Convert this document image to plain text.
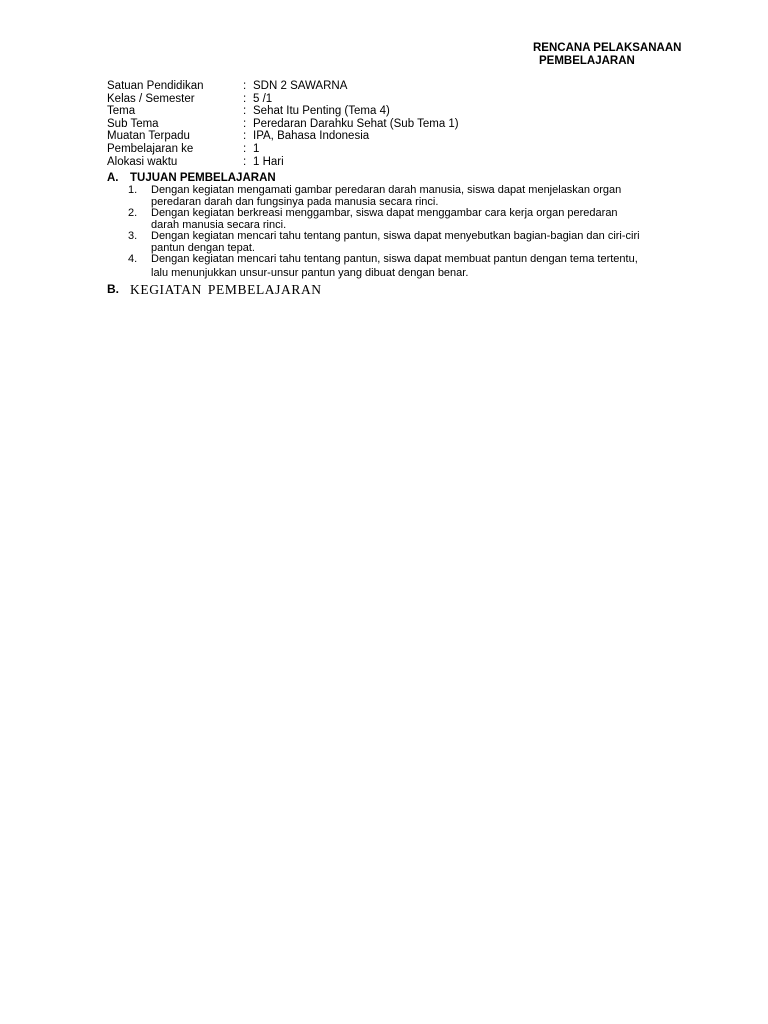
RENCANA PELAKSANAAN
PEMBELAJARAN
Satuan Pendidikan	: SDN 2 SAWARNA
Kelas / Semester	: 5 /1
Tema	: Sehat Itu Penting (Tema 4)
Sub Tema	: Peredaran Darahku Sehat (Sub Tema 1)
Muatan Terpadu	: IPA, Bahasa Indonesia
Pembelajaran ke	: 1
Alokasi waktu	: 1 Hari
A.	TUJUAN PEMBELAJARAN
1.	Dengan kegiatan mengamati gambar peredaran darah manusia, siswa dapat menjelaskan organ
peredaran darah dan fungsinya pada manusia secara rinci.
2.	Dengan kegiatan berkreasi menggambar, siswa dapat menggambar cara kerja organ peredaran
darah manusia secara rinci.
3.	Dengan kegiatan mencari tahu tentang pantun, siswa dapat menyebutkan bagian-bagian dan ciri-ciri
pantun dengan tepat.
4.	Dengan kegiatan mencari tahu tentang pantun, siswa dapat membuat pantun dengan tema tertentu,
lalu menunjukkan unsur-unsur pantun yang dibuat dengan benar.
B. KEGIATAN PEMBELAJARAN
